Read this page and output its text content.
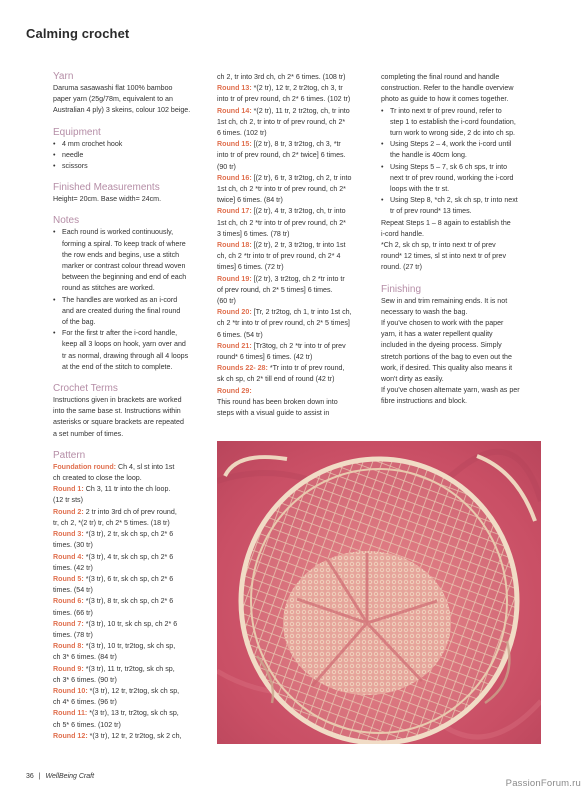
Calming crochet
Yarn

Daruma sasawashi flat 100% bamboo

paper yarn (25g/78m, equivalent to an

Australian 4 ply) 3 skeins, colour 102 beige.

Equipment
• 4 mm crochet hook
• needle
• scissors
Finished Measurements

Height= 20cm. Base width= 24cm.

Notes

• Each round is worked continuously,

forming a spiral. To keep track of where

the row ends and begins, use a stitch

marker or contrast colour thread woven

between the beginning and end of each

round as stitches are worked.

• The handles are worked as an i-cord

and are created during the final round

of the bag.

• For the first tr after the i-cord handle,

keep all 3 loops on hook, yarn over and

tr as normal, drawing through all 4 loops

at the end of the stitch to complete.

Crochet Terms

Instructions given in brackets are worked

into the same base st. Instructions within

asterisks or square brackets are repeated

a set number of times.

Pattern

Foundation round: Ch 4, sl st into 1st

ch created to close the loop.

Round 1: Ch 3, 11 tr into the ch loop.

(12 tr sts)

Round 2: 2 tr into 3rd ch of prev round,

tr, ch 2, *(2 tr) tr, ch 2* 5 times. (18 tr)

Round 3: *(3 tr), 2 tr, sk ch sp, ch 2* 6

times. (30 tr)

Round 4: *(3 tr), 4 tr, sk ch sp, ch 2* 6

times. (42 tr)

Round 5: *(3 tr), 6 tr, sk ch sp, ch 2* 6

times. (54 tr)

Round 6: *(3 tr), 8 tr, sk ch sp, ch 2* 6

times. (66 tr)

Round 7: *(3 tr), 10 tr, sk ch sp, ch 2* 6

times. (78 tr)

Round 8: *(3 tr), 10 tr, tr2tog, sk ch sp,

ch 3* 6 times. (84 tr)

Round 9: *(3 tr), 11 tr, tr2tog, sk ch sp,

ch 3* 6 times. (90 tr)

Round 10: *(3 tr), 12 tr, tr2tog, sk ch sp,

ch 4* 6 times. (96 tr)

Round 11: *(3 tr), 13 tr, tr2tog, sk ch sp,

ch 5* 6 times. (102 tr)

Round 12: *(3 tr), 12 tr, 2 tr2tog, sk 2 ch,

ch 2, tr into 3rd ch, ch 2* 6 times. (108 tr)

Round 13: *(2 tr), 12 tr, 2 tr2tog, ch 3, tr

into tr of prev round, ch 2* 6 times. (102 tr)

Round 14: *(2 tr), 11 tr, 2 tr2tog, ch, tr into

1st ch, ch 2, tr into tr of prev round, ch 2*

6 times. (102 tr)

Round 15: [(2 tr), 8 tr, 3 tr2tog, ch 3, *tr

into tr of prev round, ch 2* twice] 6 times.

(90 tr)

Round 16: [(2 tr), 6 tr, 3 tr2tog, ch 2, tr into

1st ch, ch 2 *tr into tr of prev round, ch 2*

twice] 6 times. (84 tr)

Round 17: [(2 tr), 4 tr, 3 tr2tog, ch, tr into

1st ch, ch 2 *tr into tr of prev round, ch 2*

3 times] 6 times. (78 tr)

Round 18: [(2 tr), 2 tr, 3 tr2tog, tr into 1st

ch, ch 2 *tr into tr of prev round, ch 2* 4

times] 6 times. (72 tr)

Round 19: [(2 tr), 3 tr2tog, ch 2 *tr into tr

of prev round, ch 2* 5 times] 6 times.

(60 tr)

Round 20: [Tr, 2 tr2tog, ch 1, tr into 1st ch,

ch 2 *tr into tr of prev round, ch 2* 5 times]

6 times. (54 tr)

Round 21: [Tr3tog, ch 2 *tr into tr of prev

round* 6 times] 6 times. (42 tr)

Rounds 22- 28: *Tr into tr of prev round,

sk ch sp, ch 2* till end of round (42 tr)

Round 29:

This round has been broken down into

steps with a visual guide to assist in

completing the final round and handle

construction. Refer to the handle overview

photo as guide to how it comes together.

• Tr into next tr of prev round, refer to

step 1 to establish the i-cord foundation,

turn work to wrong side, 2 dc into ch sp.

• Using Steps 2 – 4, work the i-cord until

the handle is 40cm long.

• Using Steps 5 – 7, sk 6 ch sps, tr into

next tr of prev round, working the i-cord

loops with the tr st.

• Using Step 8, *ch 2, sk ch sp, tr into next

tr of prev round* 13 times.

Repeat Steps 1 – 8 again to establish the

i-cord handle.

*Ch 2, sk ch sp, tr into next tr of prev

round* 12 times, sl st into next tr of prev

round. (27 tr)

Finishing

Sew in and trim remaining ends. It is not

necessary to wash the bag.

If you've chosen to work with the paper

yarn, it has a water repellent quality

included in the dyeing process. Simply

stretch portions of the bag to even out the

work, if desired. This quality also means it

won't dirty as easily.

If you've chosen alternate yarn, wash as per

fibre instructions and block.

36 | WellBeing Craft
PassionForum.ru
